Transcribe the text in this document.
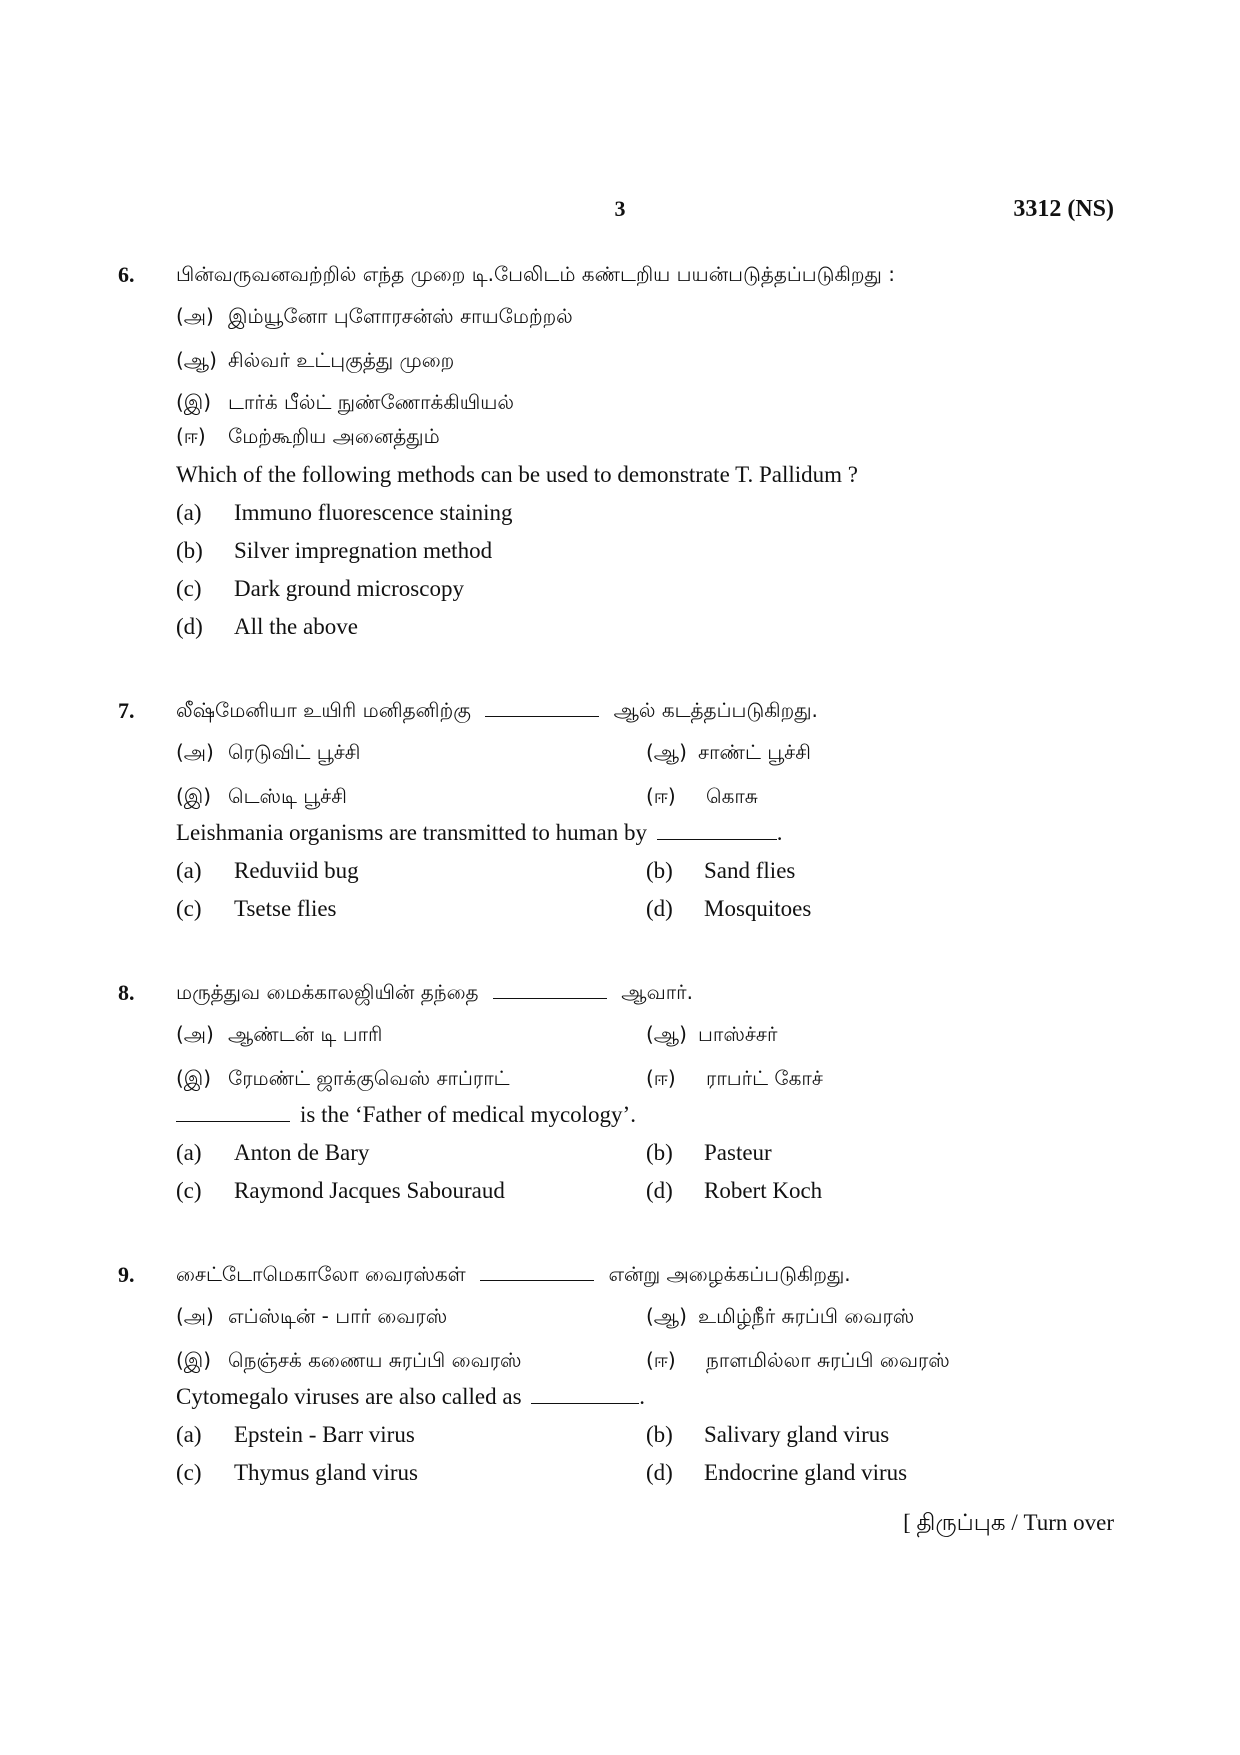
3	3312 (NS)
6. பின்வருவனவற்றில் எந்த முறை டி.பேலிடம் கண்டறிய பயன்படுத்தப்படுகிறது :
(அ) இம்யூனோ புளோரசன்ஸ் சாயமேற்றல்
(ஆ) சில்வர் உட்புகுத்து முறை
(இ) டார்க் பீல்ட் நுண்ணோக்கியியல்
(ஈ) மேற்கூறிய அனைத்தும்
Which of the following methods can be used to demonstrate T. Pallidum ?
(a) Immuno fluorescence staining
(b) Silver impregnation method
(c) Dark ground microscopy
(d) All the above
7. லீஷ்மேனியா உயிரி மனிதனிற்கு	ஆல் கடத்தப்படுகிறது.
(அ) ரெடுவிட் பூச்சி	(ஆ) சாண்ட் பூச்சி
(இ) டெஸ்டி பூச்சி	(ஈ) கொசு
Leishmania organisms are transmitted to human by	.
(a) Reduviid bug	(b) Sand flies
(c) Tsetse flies	(d) Mosquitoes
8. மருத்துவ மைக்காலஜியின் தந்தை	ஆவார்.
(அ) ஆண்டன் டி பாரி	(ஆ) பாஸ்ச்சர்
(இ) ரேமண்ட் ஜாக்குவெஸ் சாப்ராட்	(ஈ) ராபர்ட் கோச்
is the ‘Father of medical mycology’.
(a) Anton de Bary	(b) Pasteur
(c) Raymond Jacques Sabouraud	(d) Robert Koch
9. சைட்டோமெகாலோ வைரஸ்கள்	என்று அழைக்கப்படுகிறது.
(அ) எப்ஸ்டின் - பார் வைரஸ்	(ஆ) உமிழ்நீர் சுரப்பி வைரஸ்
(இ) நெஞ்சக் கணைய சுரப்பி வைரஸ்	(ஈ) நாளமில்லா சுரப்பி வைரஸ்
Cytomegalo viruses are also called as	.
(a) Epstein - Barr virus	(b) Salivary gland virus
(c) Thymus gland virus	(d) Endocrine gland virus
[ திருப்புக / Turn over
